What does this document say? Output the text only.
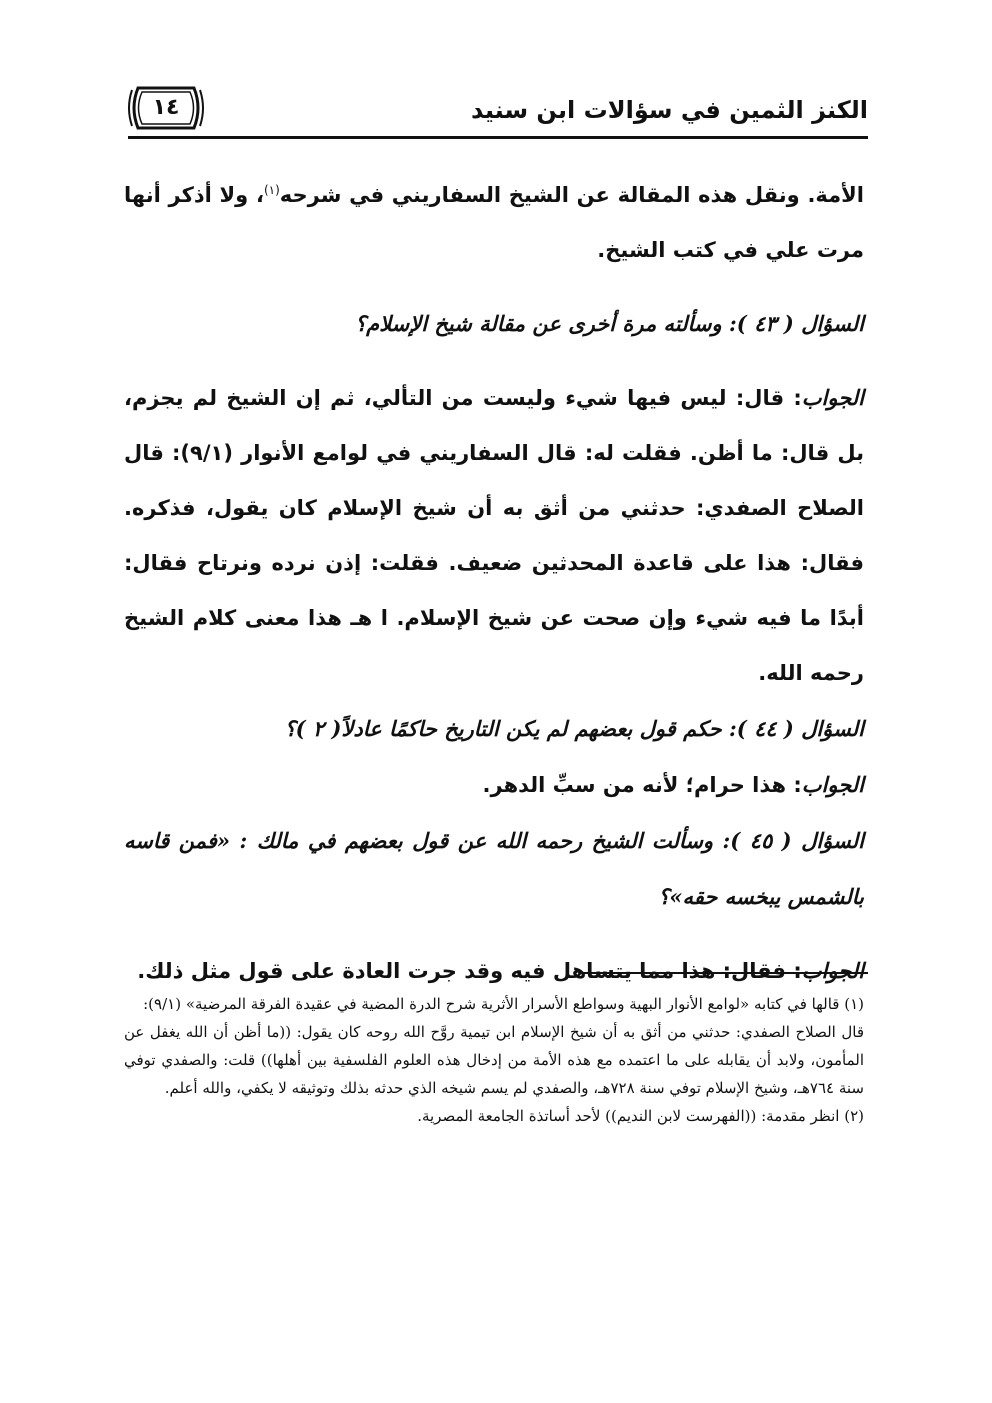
الكنز الثمين في سؤالات ابن سنيد
١٤

الأمة. ونقل هذه المقالة عن الشيخ السفاريني في شرحه$^{(١)}$، ولا أذكر أنها مرت علي في كتب الشيخ.

السؤال ( ٤٣ ): وسألته مرة أخرى عن مقالة شيخ الإسلام؟

الجواب: قال: ليس فيها شيء وليست من التألي، ثم إن الشيخ لم يجزم، بل قال: ما أظن. فقلت له: قال السفاريني في لوامع الأنوار (٩/١): قال الصلاح الصفدي: حدثني من أثق به أن شيخ الإسلام كان يقول، فذكره. فقال: هذا على قاعدة المحدثين ضعيف. فقلت: إذن نرده ونرتاح فقال: أبدًا ما فيه شيء وإن صحت عن شيخ الإسلام. ا هـ هذا معنى كلام الشيخ رحمه الله.

السؤال ( ٤٤ ): حكم قول بعضهم لم يكن التاريخ حاكمًا عادلاً( ٢ )؟

الجواب: هذا حرام؛ لأنه من سبِّ الدهر.

السؤال ( ٤٥ ): وسألت الشيخ رحمه الله عن قول بعضهم في مالك : «فمن قاسه بالشمس يبخسه حقه»؟

الجواب: فقال: هذا مما يتساهل فيه وقد جرت العادة على قول مثل ذلك.

(١) قالها في كتابه «لوامع الأنوار البهية وسواطع الأسرار الأثرية شرح الدرة المضية في عقيدة الفرقة المرضية» (٩/١):

قال الصلاح الصفدي: حدثني من أثق به أن شيخ الإسلام ابن تيمية روَّح الله روحه كان يقول: ((ما أظن أن الله يغفل عن المأمون، ولابد أن يقابله على ما اعتمده مع هذه الأمة من إدخال هذه العلوم الفلسفية بين أهلها)) قلت: والصفدي توفي سنة ٧٦٤هـ، وشيخ الإسلام توفي سنة ٧٢٨هـ، والصفدي لم يسم شيخه الذي حدثه بذلك وتوثيقه لا يكفي، والله أعلم.

(٢) انظر مقدمة: ((الفهرست لابن النديم)) لأحد أساتذة الجامعة المصرية.
